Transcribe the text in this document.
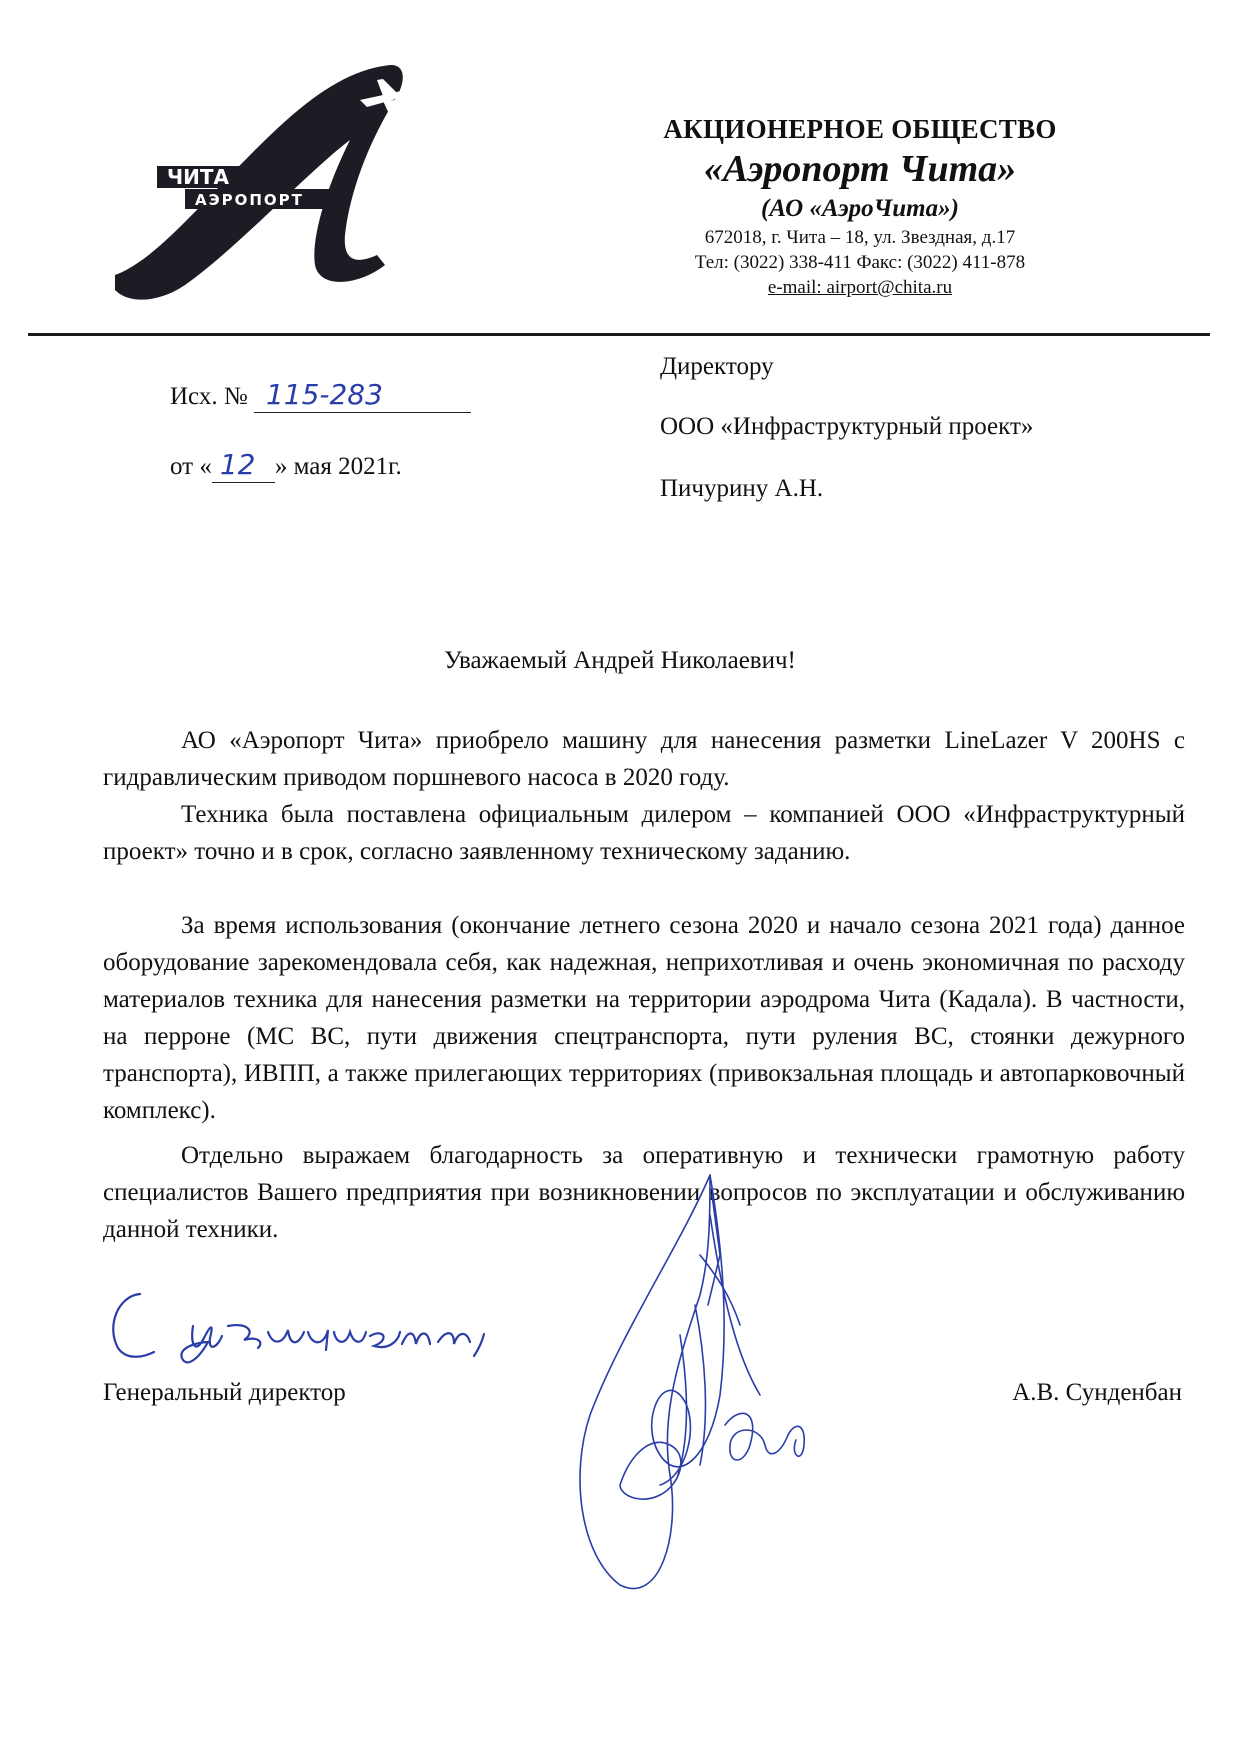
ЧИТА
АЭРОПОРТ
АКЦИОНЕРНОЕ ОБЩЕСТВО
«Аэропорт Чита»
(АО «АэроЧита»)
672018, г. Чита – 18, ул. Звездная, д.17
Тел: (3022) 338-411 Факс: (3022) 411-878
e-mail: airport@chita.ru
Исх. № 115-283
от « 12 » мая 2021г.
Директору
ООО «Инфраструктурный проект»
Пичурину А.Н.
Уважаемый Андрей Николаевич!
АО «Аэропорт Чита» приобрело машину для нанесения разметки LineLazer V 200HS с гидравлическим приводом поршневого насоса в 2020 году.
Техника была поставлена официальным дилером – компанией ООО «Инфраструктурный проект» точно и в срок, согласно заявленному техническому заданию.
За время использования (окончание летнего сезона 2020 и начало сезона 2021 года) данное оборудование зарекомендовала себя, как надежная, неприхотливая и очень экономичная по расходу материалов техника для нанесения разметки на территории аэродрома Чита (Кадала). В частности, на перроне (МС ВС, пути движения спецтранспорта, пути руления ВС, стоянки дежурного транспорта), ИВПП, а также прилегающих территориях (привокзальная площадь и автопарковочный комплекс).
Отдельно выражаем благодарность за оперативную и технически грамотную работу специалистов Вашего предприятия при возникновении вопросов по эксплуатации и обслуживанию данной техники.
Генеральный директор	А.В. Сунденбан
